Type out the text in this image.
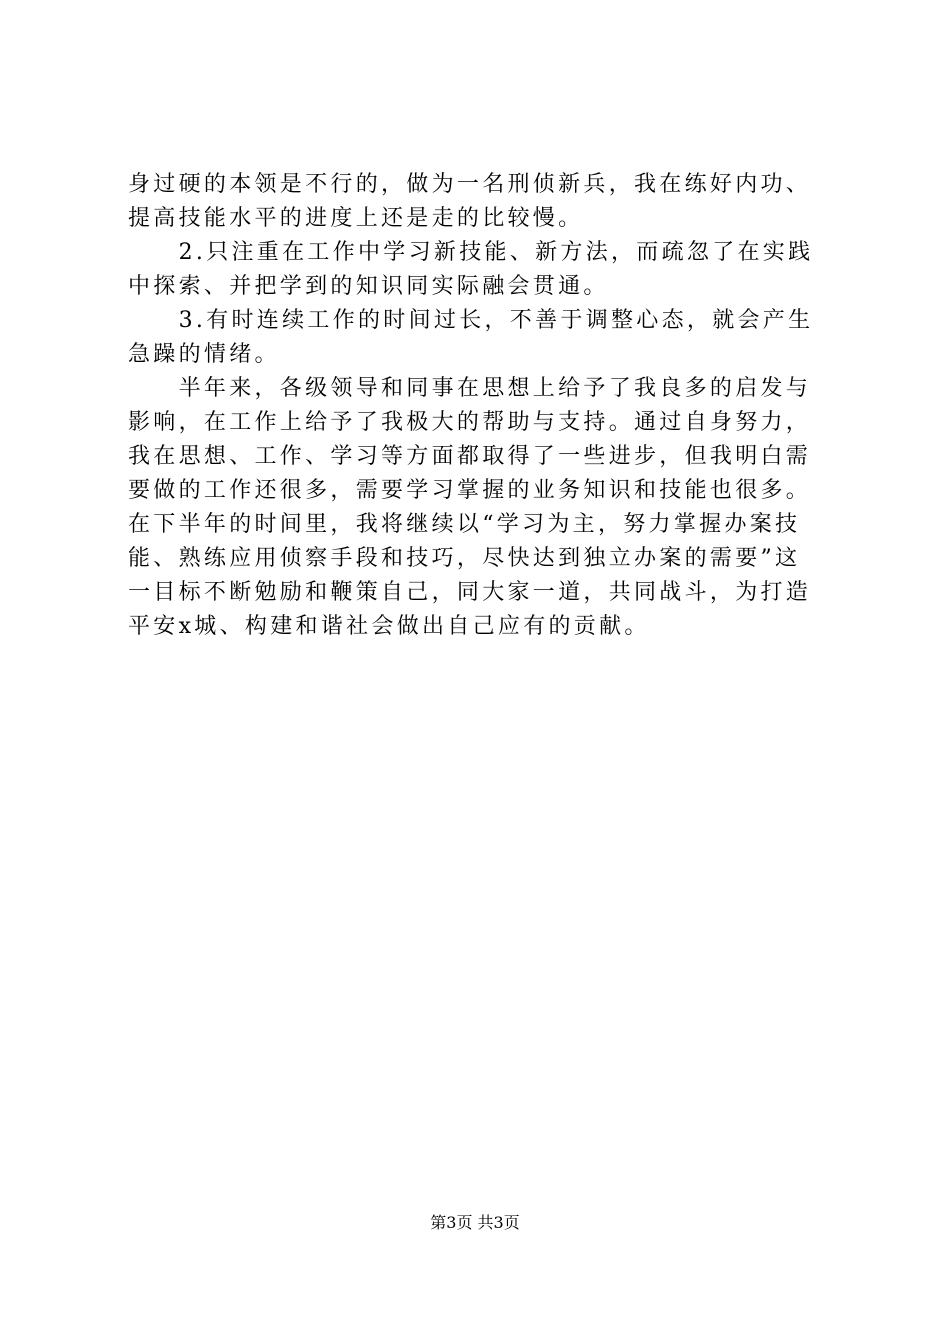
身过硬的本领是不行的，做为一名刑侦新兵，我在练好内功、
提高技能水平的进度上还是走的比较慢。
　　2.只注重在工作中学习新技能、新方法，而疏忽了在实践
中探索、并把学到的知识同实际融会贯通。
　　3.有时连续工作的时间过长，不善于调整心态，就会产生
急躁的情绪。
　　半年来，各级领导和同事在思想上给予了我良多的启发与
影响，在工作上给予了我极大的帮助与支持。通过自身努力，
我在思想、工作、学习等方面都取得了一些进步，但我明白需
要做的工作还很多，需要学习掌握的业务知识和技能也很多。
在下半年的时间里，我将继续以“学习为主，努力掌握办案技
能、熟练应用侦察手段和技巧，尽快达到独立办案的需要”这
一目标不断勉励和鞭策自己，同大家一道，共同战斗，为打造
平安x城、构建和谐社会做出自己应有的贡献。
第3页 共3页
